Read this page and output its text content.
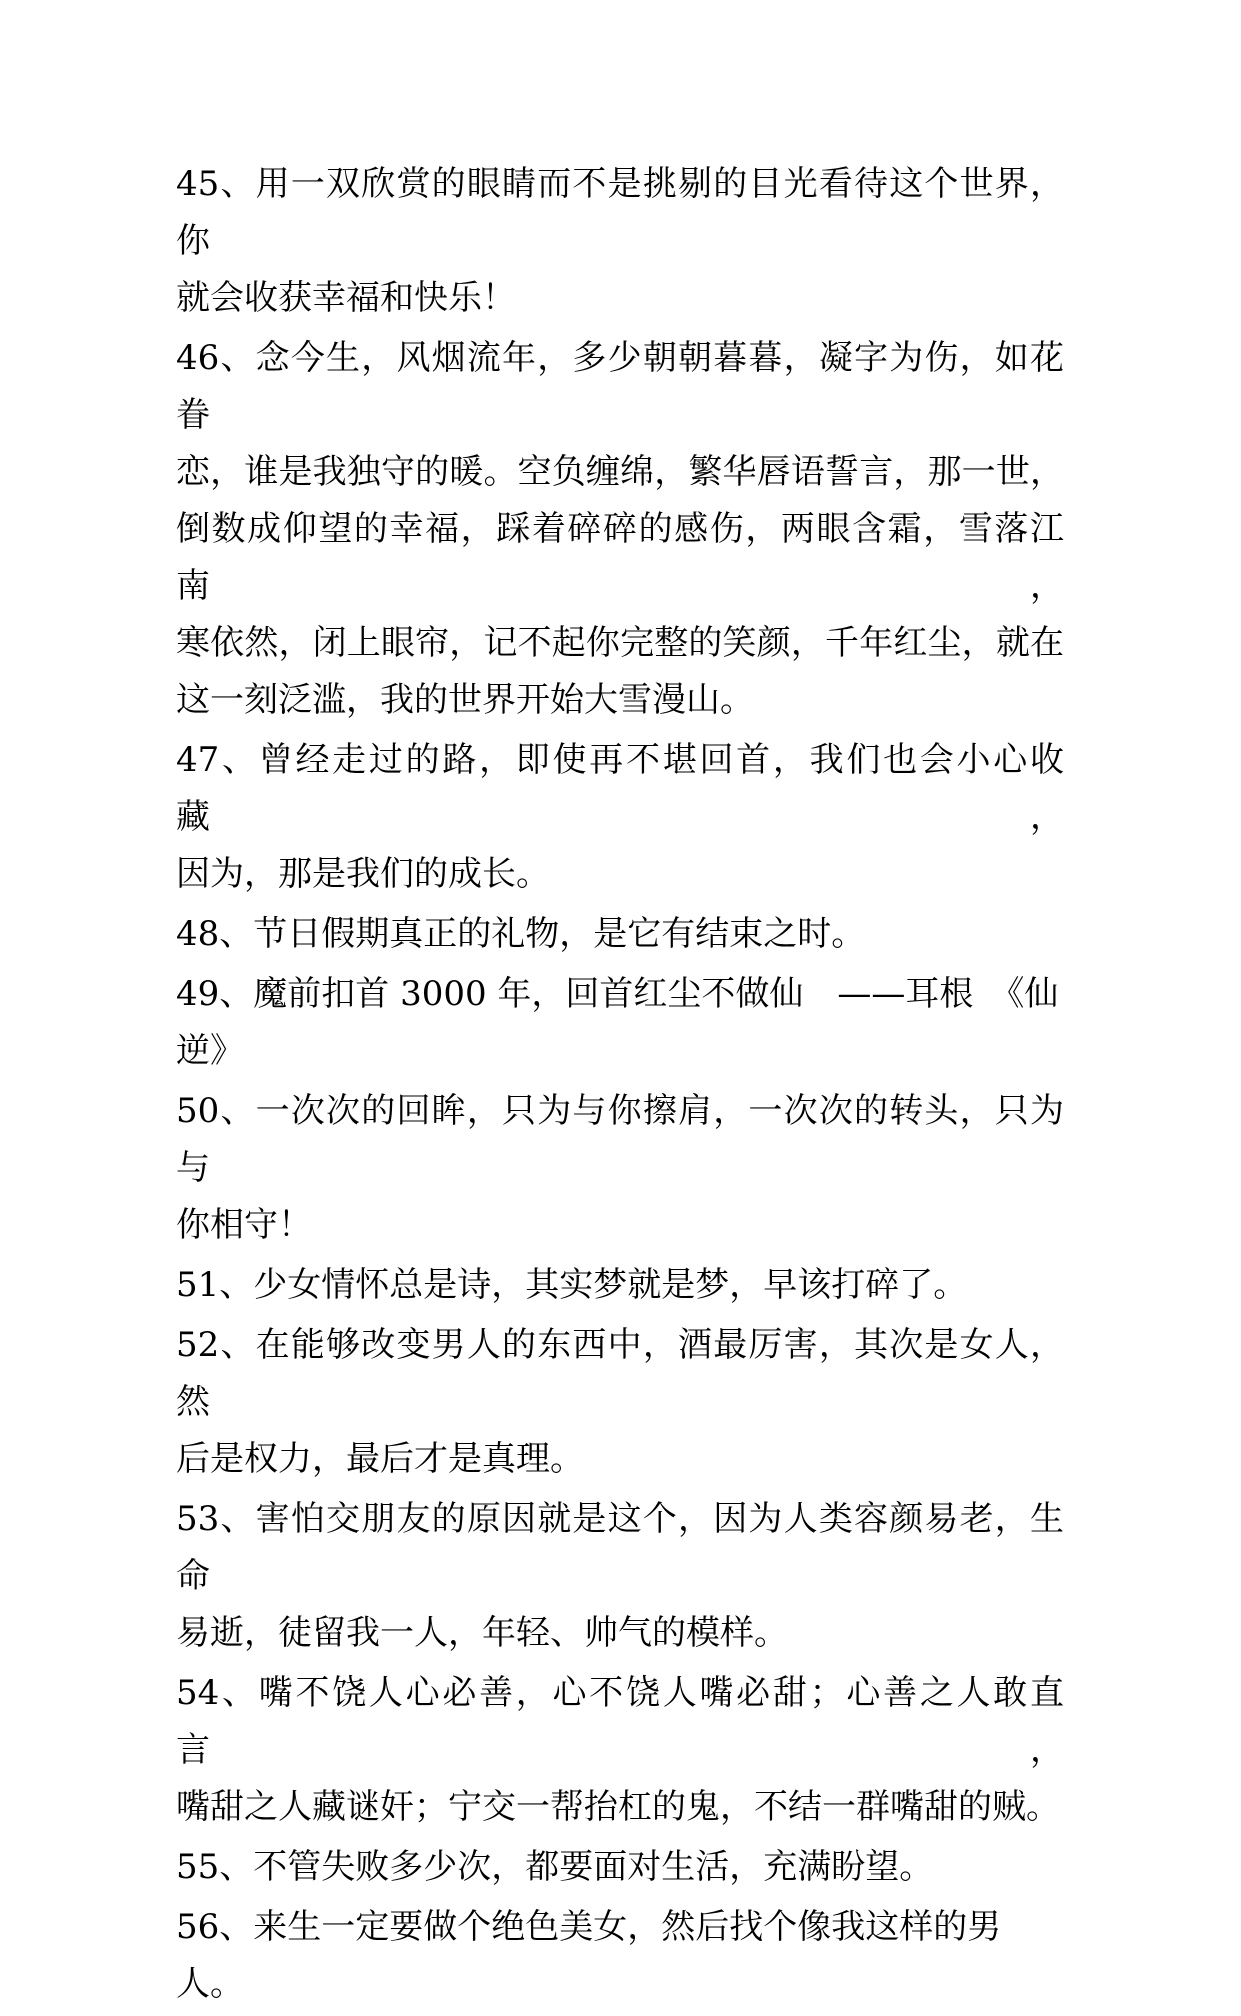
45、用一双欣赏的眼睛而不是挑剔的目光看待这个世界，你
就会收获幸福和快乐！

46、念今生，风烟流年，多少朝朝暮暮，凝字为伤，如花眷
恋，谁是我独守的暖。空负缠绵，繁华唇语誓言，那一世，
倒数成仰望的幸福，踩着碎碎的感伤，两眼含霜，雪落江南，
寒依然，闭上眼帘，记不起你完整的笑颜，千年红尘，就在
这一刻泛滥，我的世界开始大雪漫山。

47、曾经走过的路，即使再不堪回首，我们也会小心收藏，
因为，那是我们的成长。

48、节日假期真正的礼物，是它有结束之时。

49、魔前扣首 3000 年，回首红尘不做仙　——耳根　《仙逆》

50、一次次的回眸，只为与你擦肩，一次次的转头，只为与
你相守！

51、少女情怀总是诗，其实梦就是梦，早该打碎了。

52、在能够改变男人的东西中，酒最厉害，其次是女人，然
后是权力，最后才是真理。

53、害怕交朋友的原因就是这个，因为人类容颜易老，生命
易逝，徒留我一人，年轻、帅气的模样。

54、嘴不饶人心必善，心不饶人嘴必甜；心善之人敢直言，
嘴甜之人藏谜奸；宁交一帮抬杠的鬼，不结一群嘴甜的贼。

55、不管失败多少次，都要面对生活，充满盼望。

56、来生一定要做个绝色美女，然后找个像我这样的男人。
